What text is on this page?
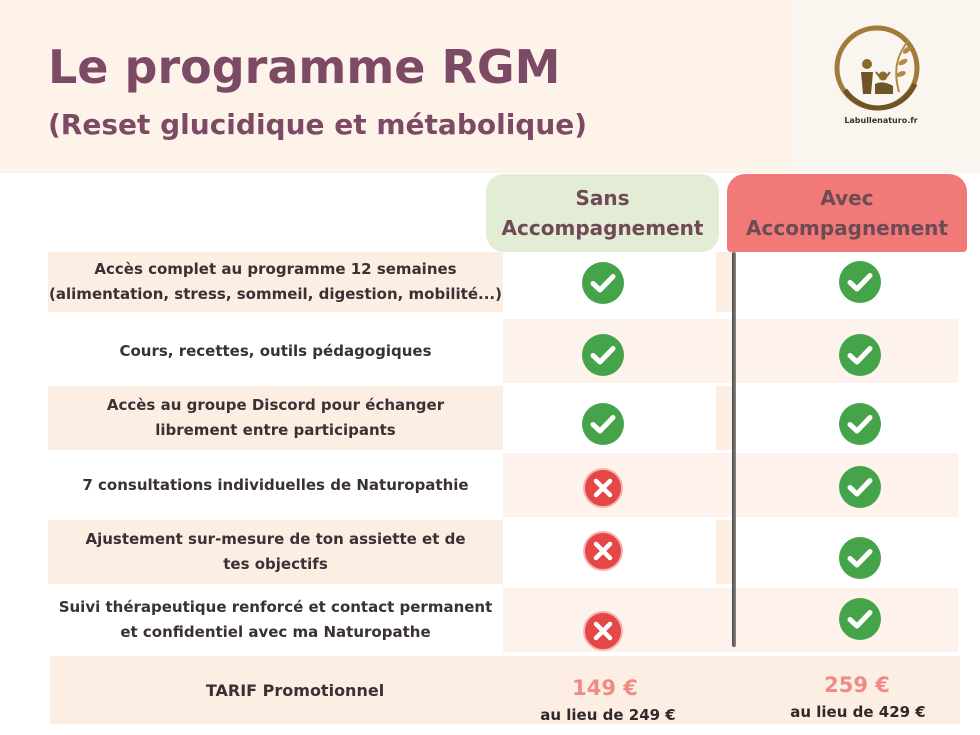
Le programme RGM
(Reset glucidique et métabolique)	Labullenaturo.fr
Sans
Accompagnement
Avec
Accompagnement
Accès complet au programme 12 semaines
(alimentation, stress, sommeil, digestion, mobilité...)
Cours, recettes, outils pédagogiques
Accès au groupe Discord pour échanger
librement entre participants
7 consultations individuelles de Naturopathie
Ajustement sur-mesure de ton assiette et de
tes objectifs
Suivi thérapeutique renforcé et contact permanent
et confidentiel avec ma Naturopathe
TARIF Promotionnel	149 €
au lieu de 249 €
259 €
au lieu de 429 €
